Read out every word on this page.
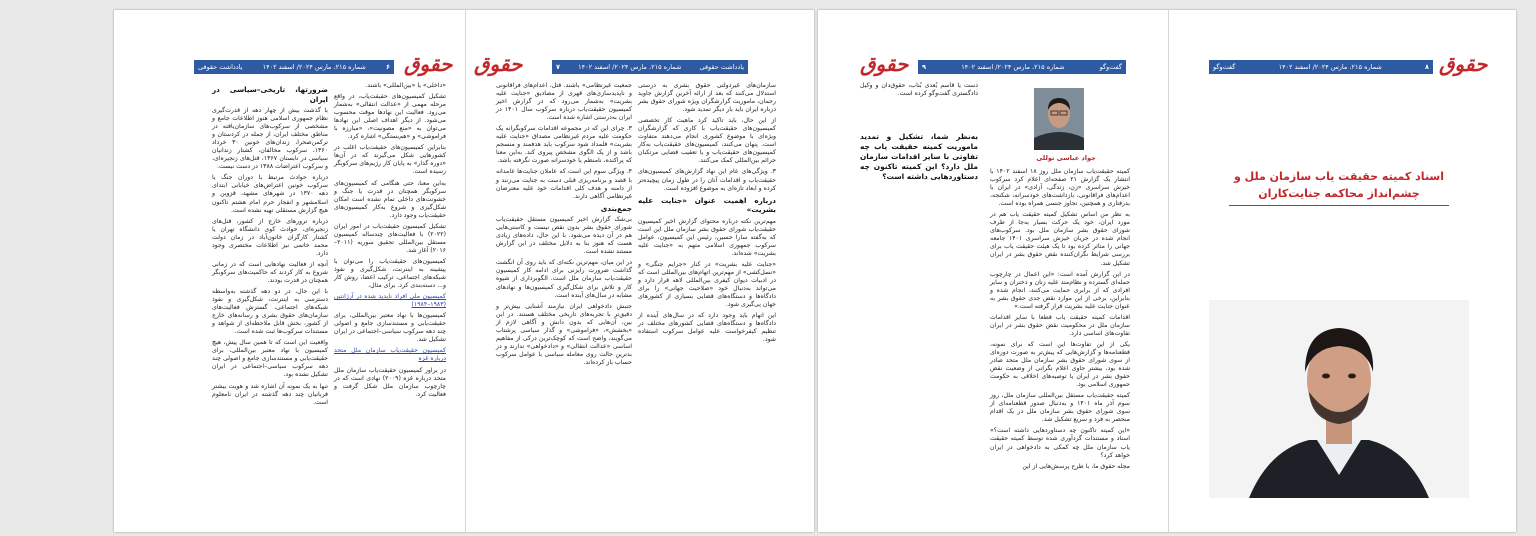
حقوق	یادداشت حقوقی
شماره ۲۱۵، مارس ۲۰۲۴/ اسفند ۱۴۰۲
۷

سازمان‌های غیردولتی حقوق بشری به درستی استدلال می‌کنند که بعد از ارائه آخرین گزارش جاوید رحمان، ماموریت گزارشگران ویژه شورای حقوق بشر درباره ایران باید بار دیگر تمدید شود.

از این حال، باید تاکید کرد ماهیت کار تخصصی کمیسیون‌های حقیقت‌یاب با کاری که گزارشگران ویژه‌ای با موضوع کشوری انجام می‌دهند متفاوت است. پنهان می‌کنند، کمیسیون‌های حقیقت‌یاب به‌کار کمیسیون‌های حقیقت‌یاب و یا تعقیب قضایی مرتکبان جرائم بین‌المللی کمک می‌کنند.

۳. ویژگی‌های عام این نهاد گزارش‌های کمیسیون‌های حقیقت‌یاب و اقدامات آنان را در طول زمان پیچیده‌تر کرده و ابعاد تازه‌ای به موضوع افزوده است.

درباره اهمیت عنوان «جنایت علیه بشریت»

مهم‌ترین نکته درباره محتوای گزارش اخیر کمیسیون حقیقت‌یاب شورای حقوق بشر سازمان ملل این است که به‌گفته سارا حسین، رئیس این کمیسیون، عوامل سرکوب جمهوری اسلامی متهم به «جنایت علیه بشریت» شده‌اند.

«جنایت علیه بشریت» در کنار «جرایم جنگی» و «نسل‌کشی» از مهم‌ترین اتهام‌های بین‌المللی است که در ادبیات دیوان کیفری بین‌المللی لاهه قرار دارد و می‌تواند به‌دنبال خود «صلاحیت جهانی» را برای دادگاه‌ها و دستگاه‌های قضایی بسیاری از کشورهای جهان پی‌گیری شود.

این اتهام باید وجود دارد که در سال‌های آینده از دادگاه‌ها و دستگاه‌های قضایی کشورهای مختلف در تنظیم کیفرخواست علیه عوامل سرکوب استفاده شود.

جمعیت غیرنظامی» باشند. قتل، اعدام‌های فراقانونی و ناپدیدسازی‌های قهری از مصادیق «جنایت علیه بشریت» به‌شمار می‌رود که در گزارش اخیر کمیسیون حقیقت‌یاب درباره سرکوب سال ۱۴۰۱ در ایران به‌درستی اشاره شده است.

۳. چرای این که در مجموعه اقدامات سرکوبگرانه یک حکومت علیه مردم غیرنظامی مصداق «جنایت علیه بشریت» قلمداد شود سرکوب باید هدفمند و منسجم باشد و از یک الگوی مشخص پیروی کند. به‌این معنا که پراکنده، نامنظم یا خودسرانه صورت نگرفته باشد.

۴. ویژگی سوم این است که عاملان جنایت‌ها عامدانه با قصد و برنامه‌ریزی قبلی دست به جنایت می‌زنند و از دامنه و هدف کلی اقدامات خود علیه معترضان غیرنظامی آگاهی دارند.

جمع‌بندی

بی‌شک گزارش اخیر کمیسیون مستقل حقیقت‌یاب شورای حقوق بشر بدون نقص نیست و کاستی‌هایی هم در آن دیده می‌شود. با این حال، داده‌های زیادی هست که هنوز بنا به دلایل مختلف در این گزارش مستند نشده است.

در این میان، مهم‌ترین نکته‌ای که باید روی آن انگشت گذاشت ضرورت رایزنی برای ادامه کار کمیسیون حقیقت‌یاب سازمان ملل است. الگوبرداری از شیوه کار و تلاش برای شکل‌گیری کمیسیون‌ها و نهادهای مشابه در سال‌های آینده است.

جنبش دادخواهی ایران نیازمند آشنایی بیش‌تر و دقیق‌تر با تجربه‌های تاریخی مختلف هستند. در این بین، آن‌هایی که بدون دانش و آگاهی لازم از «بخشش»، «فراموشی» و گذار سیاسی پرشتاب می‌گویند، واضح است که کوچک‌ترین درکی از مفاهیم اساسی «عدالت انتقالی» و «دادخواهی» ندارند و در بدترین حالت روی معامله سیاسی با عوامل سرکوب حساب باز کرده‌اند.

حقوق
۶
شماره ۲۱۵، مارس ۲۰۲۴/ اسفند ۱۴۰۲
یادداشت حقوقی

«داخلی» یا «بین‌المللی» باشند.

تشکیل کمیسیون‌های حقیقت‌یاب، در واقع مرحله مهمی از «عدالت انتقالی» به‌شمار می‌رود. فعالیت این نهادها موقت محسوب می‌شود. از دیگر اهداف اصلی این نهادها می‌توان به «منع مصونیت»، «مبارزه با فراموشی» و «هم‌بستگی» اشاره کرد.

بنابراین کمیسیون‌های حقیقت‌یاب اغلب در کشورهایی شکل می‌گیرند که در آن‌ها «دوره گذار» به پایان کار رژیم‌های سرکوبگر رسیده است.

به‌این معنا، حتی هنگامی که کمیسیون‌های سرکوبگر همچنان در قدرت یا جنگ و خشونت‌های داخلی تمام نشده است امکان شکل‌گیری و شروع به‌کار کمیسیون‌های حقیقت‌یاب وجود دارد.

تشکیل کمیسیون حقیقت‌یاب در امور ایران (۲۰۲۲) با فعالیت‌های چندساله کمیسیون مستقل بین‌المللی تحقیق سوریه (۲۰۱۱–۲۰۱۶) آغاز شد.

کمیسیون‌های حقیقت‌یاب را می‌توان با پیشینه به اینترنت، شکل‌گیری و نفوذ شبکه‌های اجتماعی، ترکیب اعضا، روش کار و... دسته‌بندی کرد. برای مثال،

کمیسیون ملی افراد ناپدید شده در آرژانتین (۱۹۸۳–۱۹۸۴)

کمیسیون‌ها با نهاد معتبر بین‌المللی، برای حقیقت‌یابی و مستندسازی جامع و اصولی چند دهه سرکوب سیاسی–اجتماعی در ایران تشکیل شد.

کمیسیون حقیقت‌یاب سازمان ملل متحد درباره غزه

در براور کمیسیون حقیقت‌یاب سازمان ملل متحد درباره غزه (۲۰۰۹) نهادی است که در چارچوب سازمان ملل شکل گرفت و فعالیت کرد.

ضرورتها، تاریخی–سیاسی در ایران

با گذشت بیش از چهار دهه از قدرت‌گیری نظام جمهوری اسلامی هنوز اطلاعات جامع و مشخصی از سرکوب‌های سازمان‌یافته در مناطق مختلف ایران، از جمله در کردستان و ترکمن‌صحرا، زندان‌های خونین ۳۰ خرداد ۱۳۶۰، سرکوب مخالفان، کشتار زندانیان سیاسی در تابستان ۱۳۶۷، قتل‌های زنجیره‌ای، و سرکوب اعتراضات ۱۳۸۸ در دست نیست.

درباره حوادث مرتبط با دوران جنگ یا سرکوب خونین اعتراض‌های خیابانی ابتدای دهه ۱۳۷۰ در شهرهای مشهد، قزوین و اسلامشهر و انفجار حرم امام هشتم تاکنون هیچ گزارش مستقلی تهیه نشده است.

درباره ترورهای خارج از کشور، قتل‌های زنجیره‌ای، حوادث کوی دانشگاه تهران یا کشتار کارگران خاتون‌آباد در زمان دولت محمد خاتمی نیز اطلاعات مختصری وجود دارد.

آنچه از فعالیت نهادهایی است که در زمانی شروع به کار کردند که حاکمیت‌های سرکوبگر همچنان در قدرت بودند.

با این حال، در دو دهه گذشته به‌واسطه دسترسی به اینترنت، شکل‌گیری و نفوذ شبکه‌های اجتماعی، گسترش فعالیت‌های سازمان‌های حقوق بشری و رسانه‌های خارج از کشور، بخش قابل ملاحظه‌ای از شواهد و مستندات سرکوب‌ها ثبت شده است.

واقعیت این است که تا همین سال پیش، هیچ کمیسیون با نهاد معتبر بین‌المللی، برای حقیقت‌یابی و مستندسازی جامع و اصولی چند دهه سرکوب سیاسی–اجتماعی در ایران تشکیل نشده بود.

تنها به یک نمونه آن اشاره شد و هویت بیشتر قربانیان چند دهه گذشته در ایران نامعلوم است.

حقوق	گفت‌وگو
شماره ۲۱۵، مارس ۲۰۲۴/ اسفند ۱۴۰۲
۹

دست یا قاسم یُعدی بُناب، حقوق‌دان و وکیل دادگستری گفت‌وگو کرده است.

به‌نظر شما، تشکیل و تمدید ماموریت کمیته حقیقت یاب چه تفاوتی با سایر اقدامات سازمان ملل دارد؟ این کمیته تاکنون چه دستاوردهایی داشته است؟
جواد عباسی توللی

کمیته حقیقت‌یاب سازمان ملل روز ۱۸ اسفند ۱۴۰۲ با انتشار یک گزارش ۲۱ صفحه‌ای اعلام کرد سرکوب خیزش سراسری «زن، زندگی، آزادی» در ایران با اعدام‌های فراقانونی، بازداشت‌های خودسرانه، شکنجه، بدرفتاری و همچنین، تجاوز جنسی همراه بوده است.

به نظر من اساس تشکیل کمیته حقیقت یاب هم در مورد ایران، خود یک حرکت بسیار به‌جا از طرف شورای حقوق بشر سازمان ملل بود. سرکوب‌های انجام شده در جریان خیزش سراسری ۱۴۰۱ جامعه جهانی را متاثر کرده بود تا یک هیئت حقیقت یاب برای بررسی شرایط نگران‌کننده نقض حقوق بشر در ایران تشکیل شد.

در این گزارش آمده است: «این اعمال در چارچوب حمله‌ای گسترده و نظام‌مند علیه زنان و دختران و سایر افرادی که از برابری حمایت می‌کنند، انجام شده و بنابراین، برخی از این موارد نقض جدی حقوق بشر به عنوان جنایت علیه بشریت قرار گرفته است.»

اقدامات کمیته حقیقت یاب قطعا با سایر اقدامات سازمان ملل در محکومیت نقض حقوق بشر در ایران تفاوت‌های اساسی دارد.

یکی از این تفاوت‌ها این است که برای نمونه، قطعنامه‌ها و گزارش‌هایی که پیش‌تر به صورت دوره‌ای از سوی شورای حقوق بشر سازمان ملل متحد صادر شده بود، بیشتر حاوی اعلام نگرانی از وضعیت نقض حقوق بشر در ایران یا توصیه‌های اخلاقی به حکومت جمهوری اسلامی بود.

کمیته حقیقت‌یاب مستقل بین‌المللی سازمان ملل، روز سوم آذر ماه ۱۴۰۱ و به‌دنبال صدور قطعنامه‌ای از سوی شورای حقوق بشر سازمان ملل در یک اقدام منحصر به فرد و سریع تشکیل شد.

«این کمیته تاکنون چه دستاوردهایی داشته است؟» اسناد و مستندات گردآوری شده توسط کمیته حقیقت یاب سازمان ملل چه کمکی به دادخواهی در ایران خواهد کرد؟

مجله حقوق ما، با طرح پرسش‌هایی از این

حقوق
۸
شماره ۲۱۵، مارس ۲۰۲۴/ اسفند ۱۴۰۲
گفت‌وگو
اسناد کمیته حقیقت یاب سازمان ملل و چشم‌انداز محاکمه جنایت‌کاران
